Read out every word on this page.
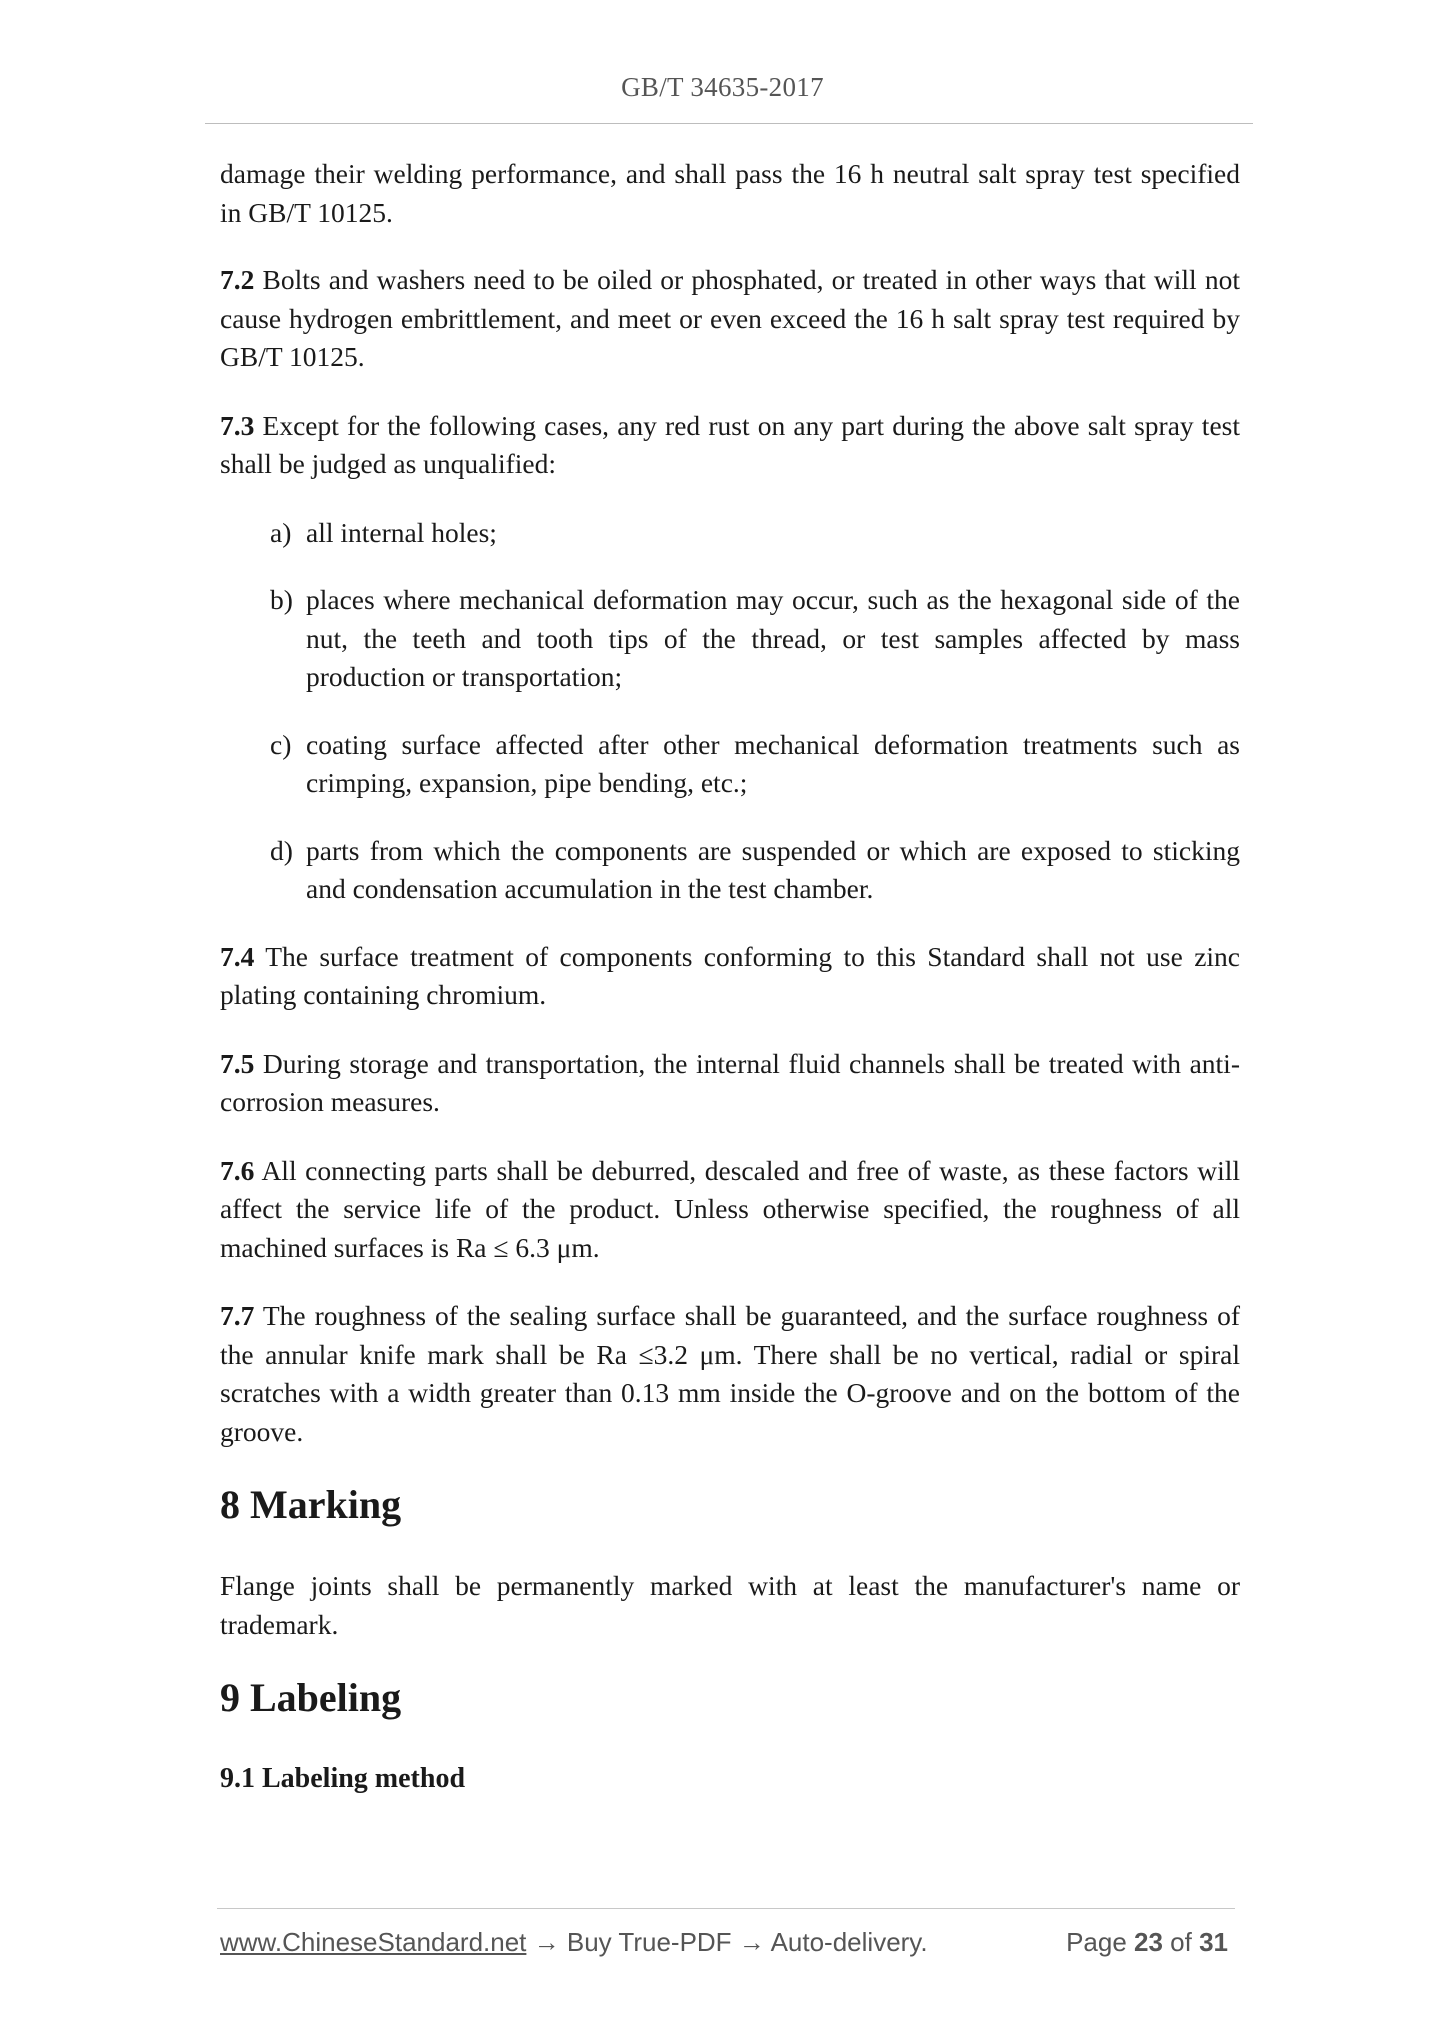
GB/T 34635-2017

damage their welding performance, and shall pass the 16 h neutral salt spray test specified in GB/T 10125.

7.2 Bolts and washers need to be oiled or phosphated, or treated in other ways that will not cause hydrogen embrittlement, and meet or even exceed the 16 h salt spray test required by GB/T 10125.

7.3 Except for the following cases, any red rust on any part during the above salt spray test shall be judged as unqualified:

a) all internal holes;
b) places where mechanical deformation may occur, such as the hexagonal side of the nut, the teeth and tooth tips of the thread, or test samples affected by mass production or transportation;
c) coating surface affected after other mechanical deformation treatments such as crimping, expansion, pipe bending, etc.;
d) parts from which the components are suspended or which are exposed to sticking and condensation accumulation in the test chamber.

7.4 The surface treatment of components conforming to this Standard shall not use zinc plating containing chromium.

7.5 During storage and transportation, the internal fluid channels shall be treated with anti-corrosion measures.

7.6 All connecting parts shall be deburred, descaled and free of waste, as these factors will affect the service life of the product. Unless otherwise specified, the roughness of all machined surfaces is Ra ≤ 6.3 μm.

7.7 The roughness of the sealing surface shall be guaranteed, and the surface roughness of the annular knife mark shall be Ra ≤3.2 μm. There shall be no vertical, radial or spiral scratches with a width greater than 0.13 mm inside the O-groove and on the bottom of the groove.

8 Marking

Flange joints shall be permanently marked with at least the manufacturer's name or trademark.

9 Labeling
9.1 Labeling method
www.ChineseStandard.net → Buy True-PDF → Auto-delivery.	Page 23 of 31
